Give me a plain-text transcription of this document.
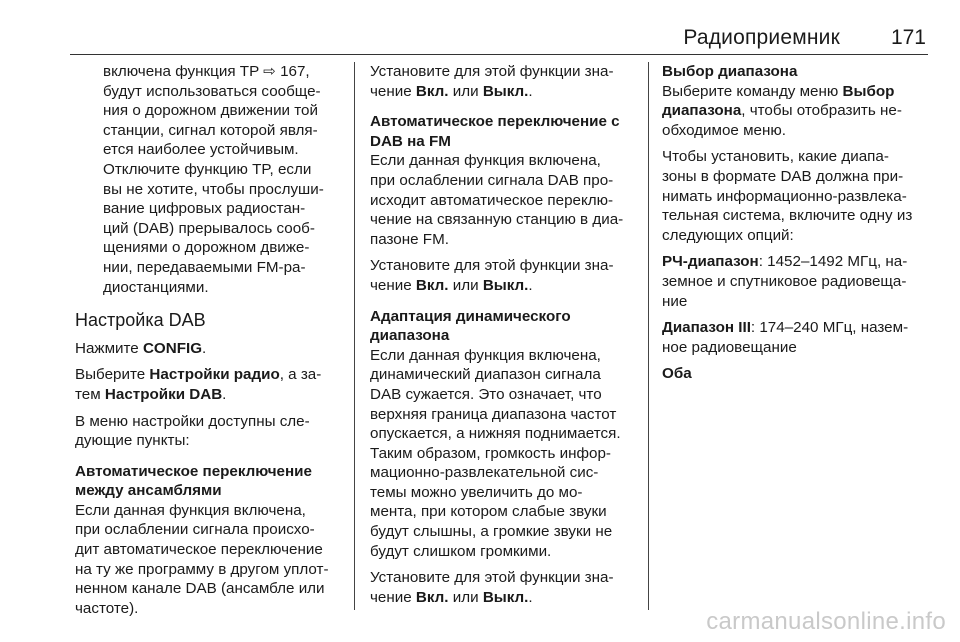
Радиоприемник 171
включена функция TP ⇨ 167,
будут использоваться сообще-
ния о дорожном движении той
станции, сигнал которой явля-
ется наиболее устойчивым.
Отключите функцию TP, если
вы не хотите, чтобы прослуши-
вание цифровых радиостан-
ций (DAB) прерывалось сооб-
щениями о дорожном движе-
нии, передаваемыми FM-ра-
диостанциями.
Настройка DAB

Нажмите CONFIG.

Выберите Настройки радио, а за-
тем Настройки DAB.

В меню настройки доступны сле-
дующие пункты:

Автоматическое переключение
между ансамблями
Если данная функция включена,
при ослаблении сигнала происхо-
дит автоматическое переключение
на ту же программу в другом уплот-
ненном канале DAB (ансамбле или
частоте).

Установите для этой функции зна-
чение Вкл. или Выкл..

Автоматическое переключение с
DAB на FM
Если данная функция включена,
при ослаблении сигнала DAB про-
исходит автоматическое переклю-
чение на связанную станцию в диа-
пазоне FM.

Установите для этой функции зна-
чение Вкл. или Выкл..

Адаптация динамического
диапазона
Если данная функция включена,
динамический диапазон сигнала
DAB сужается. Это означает, что
верхняя граница диапазона частот
опускается, а нижняя поднимается.
Таким образом, громкость инфор-
мационно-развлекательной сис-
темы можно увеличить до мо-
мента, при котором слабые звуки
будут слышны, а громкие звуки не
будут слишком громкими.

Установите для этой функции зна-
чение Вкл. или Выкл..

Выбор диапазона

Выберите команду меню Выбор
диапазона, чтобы отобразить не-
обходимое меню.

Чтобы установить, какие диапа-
зоны в формате DAB должна при-
нимать информационно-развлека-
тельная система, включите одну из
следующих опций:

РЧ-диапазон: 1452–1492 МГц, на-
земное и спутниковое радиовеща-
ние

Диапазон III: 174–240 МГц, назем-
ное радиовещание

Оба

carmanualsonline.info
